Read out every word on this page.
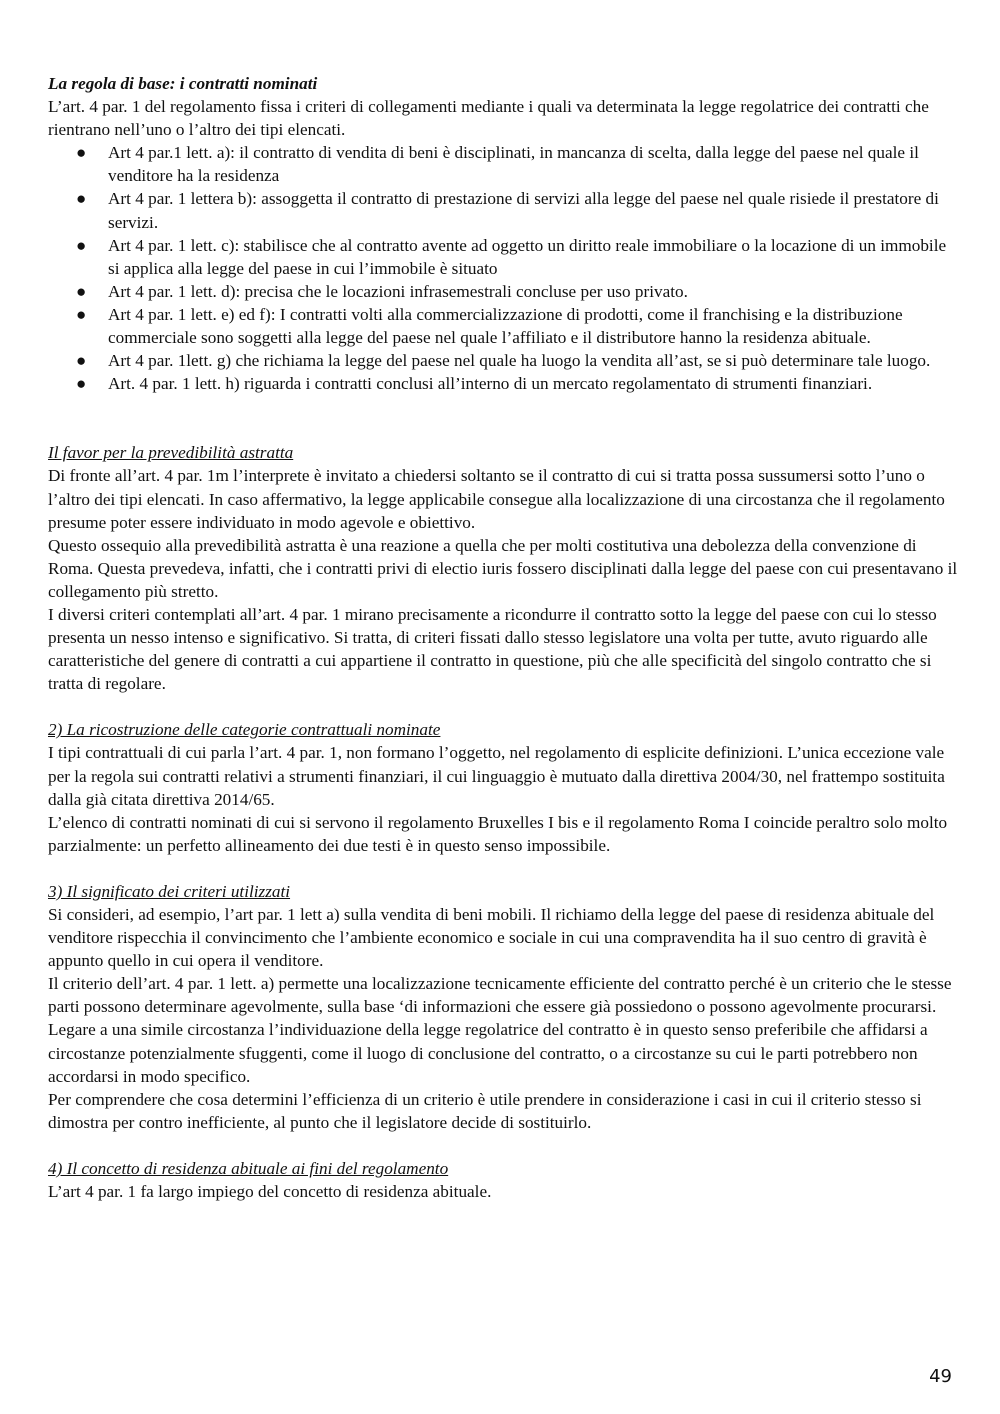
La regola di base: i contratti nominati

L’art. 4 par. 1 del regolamento fissa i criteri di collegamenti mediante i quali va determinata la legge regolatrice dei contratti che rientrano nell’uno o l’altro dei tipi elencati.

● Art 4 par.1 lett. a): il contratto di vendita di beni è disciplinati, in mancanza di scelta, dalla legge del paese nel quale il venditore ha la residenza
● Art 4 par. 1 lettera b): assoggetta il contratto di prestazione di servizi alla legge del paese nel quale risiede il prestatore di servizi.
● Art 4 par. 1 lett. c): stabilisce che al contratto avente ad oggetto un diritto reale immobiliare o la locazione di un immobile si applica alla legge del paese in cui l’immobile è situato
● Art 4 par. 1 lett. d): precisa che le locazioni infrasemestrali concluse per uso privato.
● Art 4 par. 1 lett. e) ed f): I contratti volti alla commercializzazione di prodotti, come il franchising e la distribuzione commerciale sono soggetti alla legge del paese nel quale l’affiliato e il distributore hanno la residenza abituale.
● Art 4 par. 1lett. g) che richiama la legge del paese nel quale ha luogo la vendita all’ast, se si può determinare tale luogo.
● Art. 4 par. 1 lett. h) riguarda i contratti conclusi all’interno di un mercato regolamentato di strumenti finanziari.

Il favor per la prevedibilità astratta

Di fronte all’art. 4 par. 1m l’interprete è invitato a chiedersi soltanto se il contratto di cui si tratta possa sussumersi sotto l’uno o l’altro dei tipi elencati. In caso affermativo, la legge applicabile consegue alla localizzazione di una circostanza che il regolamento presume poter essere individuato in modo agevole e obiettivo.

Questo ossequio alla prevedibilità astratta è una reazione a quella che per molti costitutiva una debolezza della convenzione di Roma. Questa prevedeva, infatti, che i contratti privi di electio iuris fossero disciplinati dalla legge del paese con cui presentavano il collegamento più stretto.

I diversi criteri contemplati all’art. 4 par. 1 mirano precisamente a ricondurre il contratto sotto la legge del paese con cui lo stesso presenta un nesso intenso e significativo. Si tratta, di criteri fissati dallo stesso legislatore una volta per tutte, avuto riguardo alle caratteristiche del genere di contratti a cui appartiene il contratto in questione, più che alle specificità del singolo contratto che si tratta di regolare.

2) La ricostruzione delle categorie contrattuali nominate

I tipi contrattuali di cui parla l’art. 4 par. 1, non formano l’oggetto, nel regolamento di esplicite definizioni. L’unica eccezione vale per la regola sui contratti relativi a strumenti finanziari, il cui linguaggio è mutuato dalla direttiva 2004/30, nel frattempo sostituita dalla già citata direttiva 2014/65.

L’elenco di contratti nominati di cui si servono il regolamento Bruxelles I bis e il regolamento Roma I coincide peraltro solo molto parzialmente: un perfetto allineamento dei due testi è in questo senso impossibile.

3) Il significato dei criteri utilizzati

Si consideri, ad esempio, l’art par. 1 lett a) sulla vendita di beni mobili. Il richiamo della legge del paese di residenza abituale del venditore rispecchia il convincimento che l’ambiente economico e sociale in cui una compravendita ha il suo centro di gravità è appunto quello in cui opera il venditore.

Il criterio dell’art. 4 par. 1 lett. a) permette una localizzazione tecnicamente efficiente del contratto perché è un criterio che le stesse parti possono determinare agevolmente, sulla base ‘di informazioni che essere già possiedono o possono agevolmente procurarsi.

Legare a una simile circostanza l’individuazione della legge regolatrice del contratto è in questo senso preferibile che affidarsi a circostanze potenzialmente sfuggenti, come il luogo di conclusione del contratto, o a circostanze su cui le parti potrebbero non accordarsi in modo specifico.

Per comprendere che cosa determini l’efficienza di un criterio è utile prendere in considerazione i casi in cui il criterio stesso si dimostra per contro inefficiente, al punto che il legislatore decide di sostituirlo.

4) Il concetto di residenza abituale ai fini del regolamento

L’art 4 par. 1 fa largo impiego del concetto di residenza abituale.

49
